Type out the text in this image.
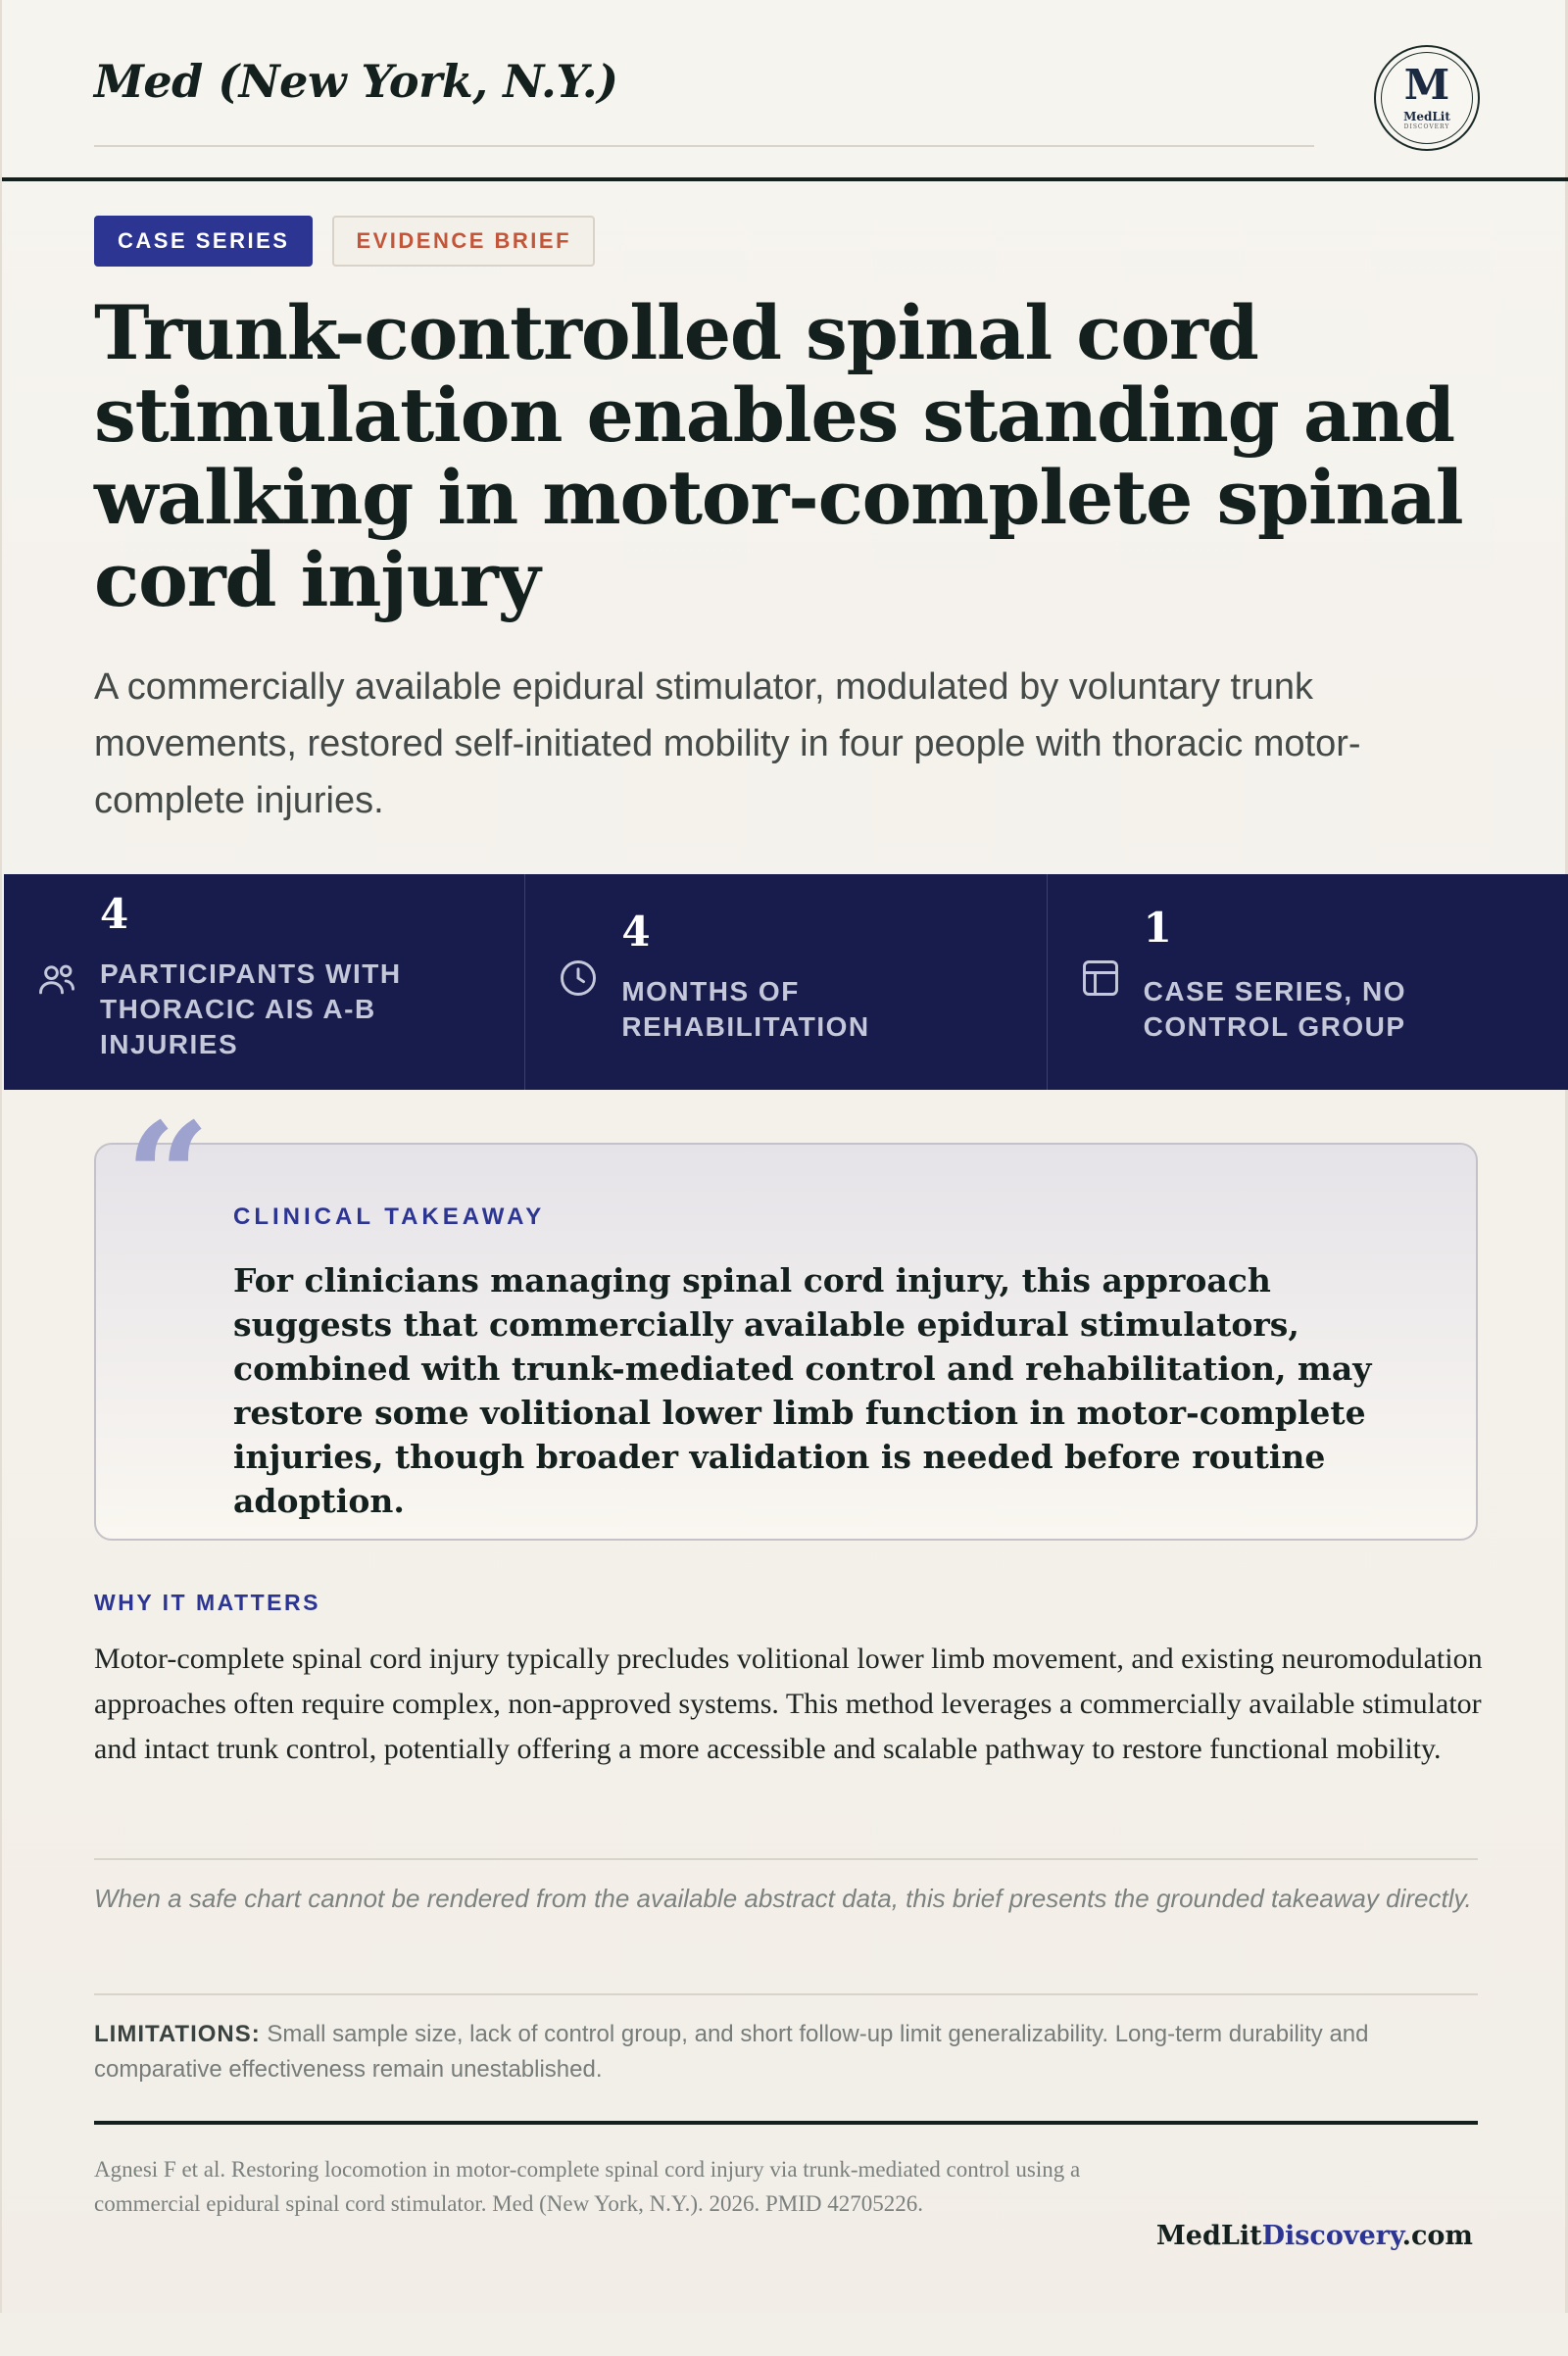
Med (New York, N.Y.)	M
MedLit
DISCOVERY
CASE SERIES	EVIDENCE BRIEF
Trunk-controlled spinal cord stimulation enables standing and walking in motor-complete spinal cord injury

A commercially available epidural stimulator, modulated by voluntary trunk movements, restored self-initiated mobility in four people with thoracic motor-complete injuries.

4
PARTICIPANTS WITH THORACIC AIS A-B INJURIES
4
MONTHS OF REHABILITATION
1
CASE SERIES, NO CONTROL GROUP
“ CLINICAL TAKEAWAY
For clinicians managing spinal cord injury, this approach suggests that commercially available epidural stimulators, combined with trunk-mediated control and rehabilitation, may restore some volitional lower limb function in motor-complete injuries, though broader validation is needed before routine adoption.
WHY IT MATTERS

Motor-complete spinal cord injury typically precludes volitional lower limb movement, and existing neuromodulation approaches often require complex, non-approved systems. This method leverages a commercially available stimulator and intact trunk control, potentially offering a more accessible and scalable pathway to restore functional mobility.

When a safe chart cannot be rendered from the available abstract data, this brief presents the grounded takeaway directly.

LIMITATIONS: Small sample size, lack of control group, and short follow-up limit generalizability. Long-term durability and comparative effectiveness remain unestablished.

Agnesi F et al. Restoring locomotion in motor-complete spinal cord injury via trunk-mediated control using a commercial epidural spinal cord stimulator. Med (New York, N.Y.). 2026. PMID 42705226.

MedLitDiscovery.com
